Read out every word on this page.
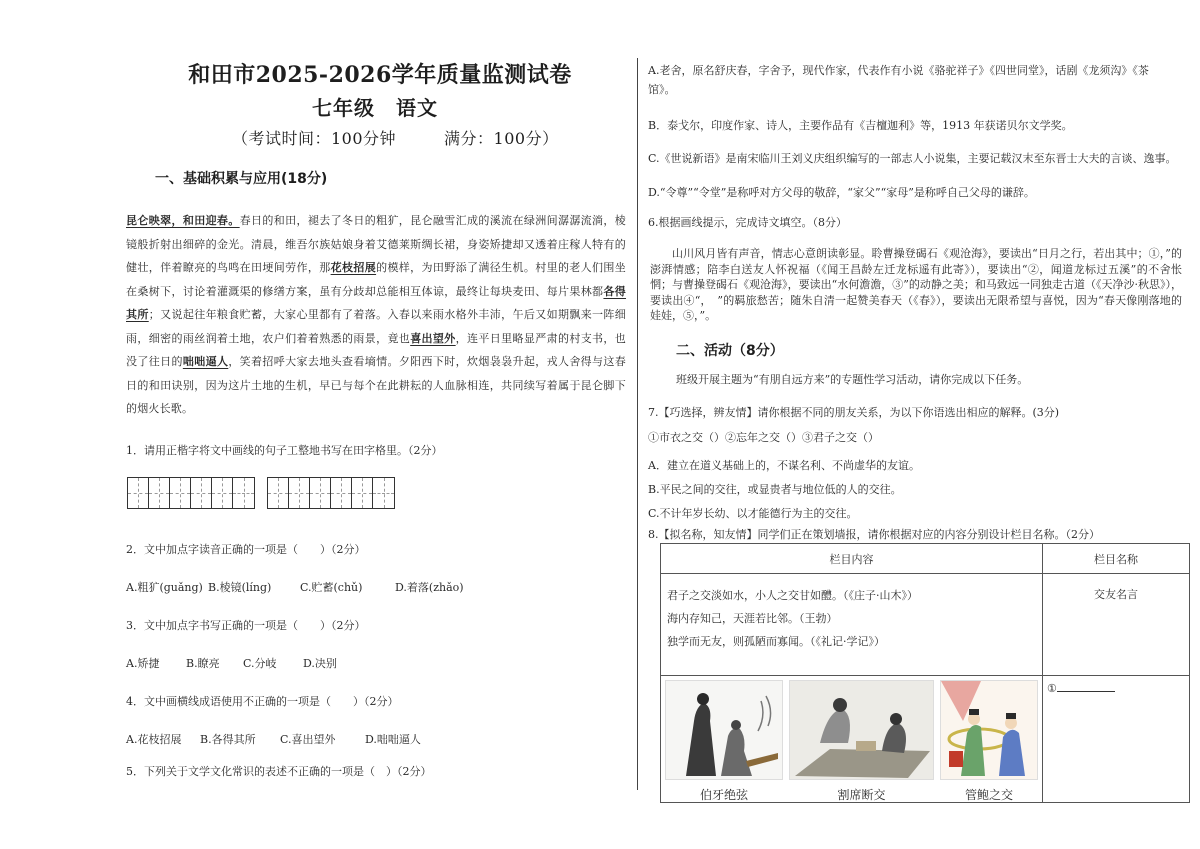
和田市2025-2026学年质量监测试卷
七年级　语文
（考试时间：100分钟	满分：100分）
一、基础积累与应用(18分)
昆仑映翠，和田迎春。春日的和田，褪去了冬日的粗犷，昆仑融雪汇成的溪流在绿洲间潺潺流淌，棱镜般折射出细碎的金光。清晨，维吾尔族姑娘身着艾德莱斯绸长裙，身姿矫捷却又透着庄稼人特有的健壮，伴着瞭亮的鸟鸣在田埂间劳作，那花枝招展的模样，为田野添了满径生机。村里的老人们围坐在桑树下，讨论着灌溉渠的修缮方案，虽有分歧却总能相互体谅，最终让每块麦田、每片果林都各得其所；又说起往年粮食贮蓄，大家心里都有了着落。入春以来雨水格外丰沛，午后又如期飘来一阵细雨，细密的雨丝润着土地，农户们着着熟悉的雨景，竟也喜出望外，连平日里略显严肃的村支书，也没了往日的咄咄逼人，笑着招呼大家去地头查看墒情。夕阳西下时，炊烟袅袅升起，戎人舍得与这春日的和田诀别，因为这片土地的生机，早已与每个在此耕耘的人血脉相连，共同续写着属于昆仑脚下的烟火长歌。
1．请用正楷字将文中画线的句子工整地书写在田字格里。（2分）
2．文中加点字读音正确的一项是（　　）（2分）
A.粗犷(guǎng) B.棱镜(líng)	C.贮蓄(chǔ)	D.着落(zhǎo)
3．文中加点字书写正确的一项是（　　）（2分）
A.矫捷 B.瞭亮 C.分岐 D.决别
4．文中画横线成语使用不正确的一项是（　　）（2分）
A.花枝招展 B.各得其所 C.喜出望外	D.咄咄逼人
5．下列关于文学文化常识的表述不正确的一项是（　）（2分）
A.老舍，原名舒庆春，字舍予，现代作家，代表作有小说《骆驼祥子》《四世同堂》，话剧《龙须沟》《茶
馆》。
B．泰戈尔，印度作家、诗人，主要作品有《吉檀迦利》等，1913 年获诺贝尔文学奖。
C.《世说新语》是南宋临川王刘义庆组织编写的一部志人小说集，主要记载汉末至东晋士大夫的言谈、逸事。
D.“令尊”“令堂”是称呼对方父母的敬辞，“家父”“家母”是称呼自己父母的谦辞。
6.根据画线提示，完成诗文填空。（8分）
山川风月皆有声音，情志心意朗读彰显。聆曹操登碣石《观沧海》，要读出“日月之行，若出其中；①，”的澎湃情感；陪李白送友人怀祝福（《闻王昌龄左迁龙标遥有此寄》），要读出“②，闻道龙标过五溪”的不舍怅惘；与曹操登碣石《观沧海》，要读出“水何澹澹，③”的动静之美；和马致远一同独走古道（《天净沙·秋思》），要读出④“，　”的羁旅愁苦；随朱自清一起赞美春天（《春》），要读出无限希望与喜悦，因为“春天像刚落地的娃娃，⑤，”。
二、活动（8分）
班级开展主题为“有朋自远方来”的专题性学习活动，请你完成以下任务。
7.【巧选择，辨友情】请你根据不同的朋友关系，为以下你语选出相应的解释。(3分)
①市衣之交（）②忘年之交（）③君子之交（）
A．建立在道义基础上的，不谋名利、不尚虚华的友谊。
B.平民之间的交往，或显贵者与地位低的人的交往。
C.不计年岁长幼、以才能德行为主的交往。
8.【拟名称，知友情】同学们正在策划墙报，请你根据对应的内容分别设计栏目名称。（2分）
栏目内容	栏目名称

君子之交淡如水，小人之交甘如醴。（《庄子·山木》）
海内存知己，天涯若比邻。（王勃）
独学而无友，则孤陋而寡闻。（《礼记·学记》）	交友名言

伯牙绝弦 割席断交 管鲍之交	①
